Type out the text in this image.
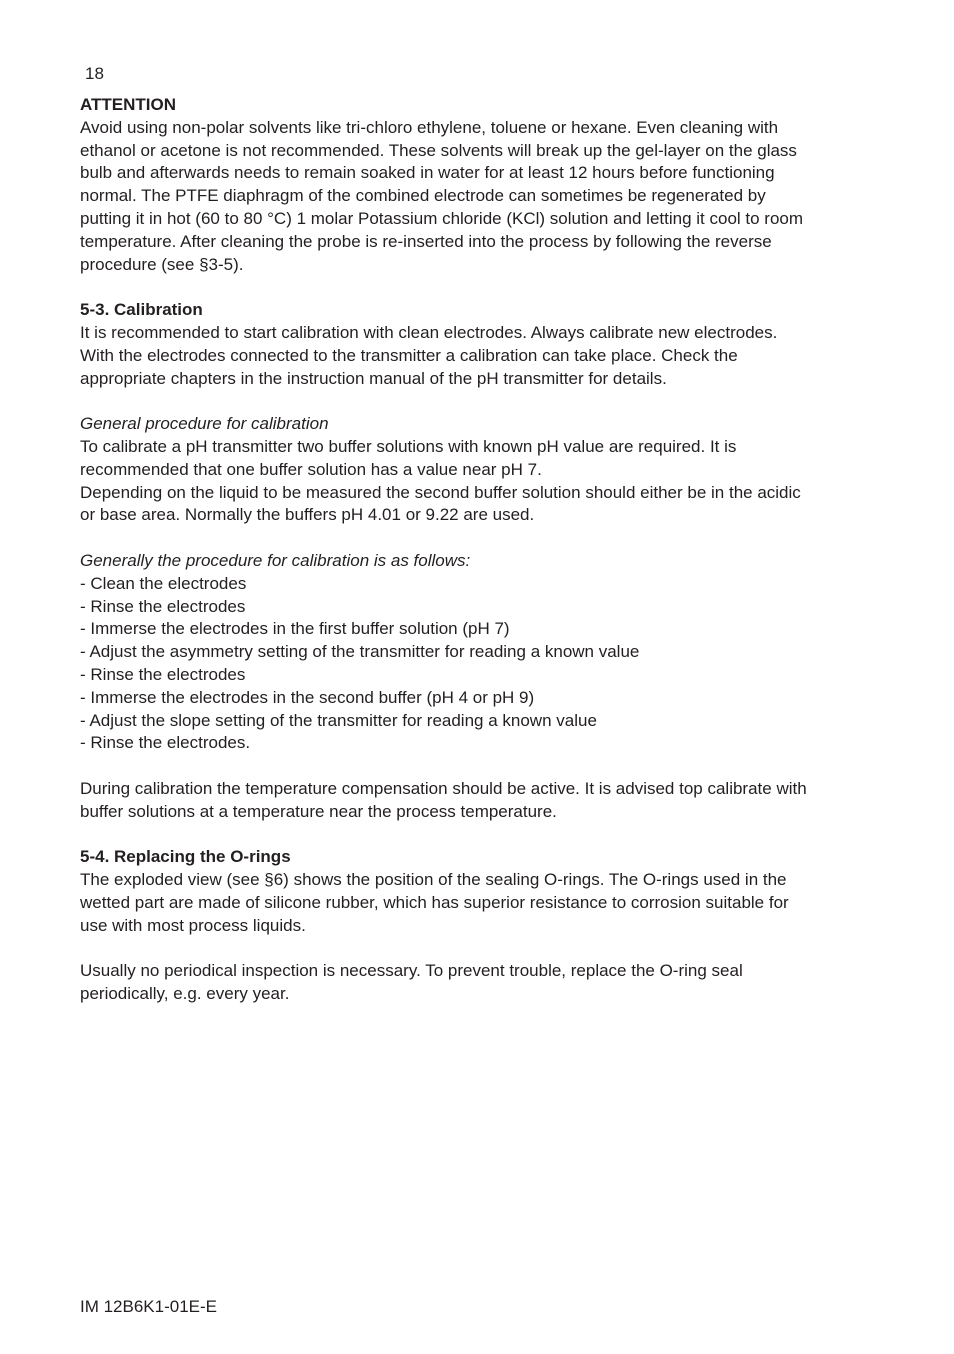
18

ATTENTION

Avoid using non-polar solvents like tri-chloro ethylene, toluene or hexane. Even cleaning with ethanol or acetone is not recommended. These solvents will break up the gel-layer on the glass bulb and afterwards needs to remain soaked in water for at least 12 hours before functioning normal. The PTFE diaphragm of the combined electrode can sometimes be regenerated by putting it in hot (60 to 80 °C) 1 molar Potassium chloride (KCl) solution and letting it cool to room temperature. After cleaning the probe is re-inserted into the process by following the reverse procedure (see §3-5).

5-3. Calibration

It is recommended to start calibration with clean electrodes. Always calibrate new electrodes. With the electrodes connected to the transmitter a calibration can take place. Check the appropriate chapters in the instruction manual of the pH transmitter for details.

General procedure for calibration

To calibrate a pH transmitter two buffer solutions with known pH value are required. It is recommended that one buffer solution has a value near pH 7.

Depending on the liquid to be measured the second buffer solution should either be in the acidic or base area. Normally the buffers pH 4.01 or 9.22 are used.

Generally the procedure for calibration is as follows:

- Clean the electrodes
- Rinse the electrodes
- Immerse the electrodes in the first buffer solution (pH 7)
- Adjust the asymmetry setting of the transmitter for reading a known value
- Rinse the electrodes
- Immerse the electrodes in the second buffer (pH 4 or pH 9)
- Adjust the slope setting of the transmitter for reading a known value
- Rinse the electrodes.

During calibration the temperature compensation should be active. It is advised top calibrate with buffer solutions at a temperature near the process temperature.

5-4. Replacing the O-rings

The exploded view (see §6) shows the position of the sealing O-rings. The O-rings used in the wetted part are made of silicone rubber, which has superior resistance to corrosion suitable for use with most process liquids.

Usually no periodical inspection is necessary. To prevent trouble, replace the O-ring seal periodically, e.g. every year.

IM 12B6K1-01E-E
